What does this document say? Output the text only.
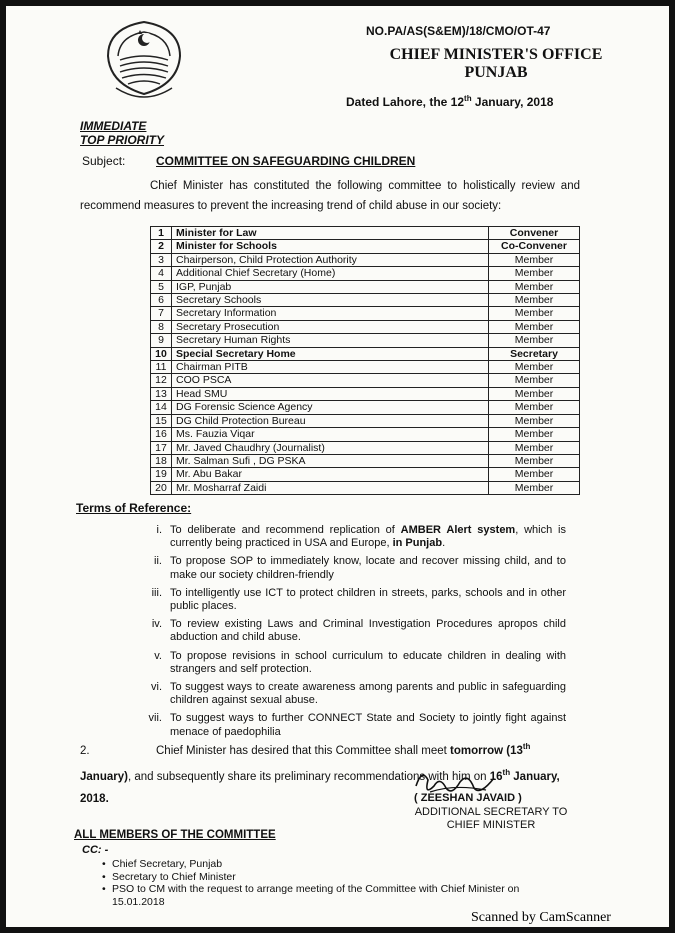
NO.PA/AS(S&EM)/18/CMO/OT-47
CHIEF MINISTER'S OFFICE
PUNJAB
Dated Lahore, the 12th January, 2018
IMMEDIATE
TOP PRIORITY
Subject:	COMMITTEE ON SAFEGUARDING CHILDREN
Chief Minister has constituted the following committee to holistically review and recommend measures to prevent the increasing trend of child abuse in our society:
1	Minister for Law	Convener
2	Minister for Schools	Co-Convener
3	Chairperson, Child Protection Authority	Member
4	Additional Chief Secretary (Home)	Member
5	IGP, Punjab	Member
6	Secretary Schools	Member
7	Secretary Information	Member
8	Secretary Prosecution	Member
9	Secretary Human Rights	Member
10	Special Secretary Home	Secretary
11	Chairman PITB	Member
12	COO PSCA	Member
13	Head SMU	Member
14	DG Forensic Science Agency	Member
15	DG Child Protection Bureau	Member
16	Ms. Fauzia Viqar	Member
17	Mr. Javed Chaudhry (Journalist)	Member
18	Mr. Salman Sufi , DG PSKA	Member
19	Mr. Abu Bakar	Member
20	Mr. Mosharraf Zaidi	Member
Terms of Reference:
i. To deliberate and recommend replication of AMBER Alert system, which is currently being practiced in USA and Europe, in Punjab.
ii. To propose SOP to immediately know, locate and recover missing child, and to make our society children-friendly
iii. To intelligently use ICT to protect children in streets, parks, schools and in other public places.
iv. To review existing Laws and Criminal Investigation Procedures apropos child abduction and child abuse.
v. To propose revisions in school curriculum to educate children in dealing with strangers and self protection.
vi. To suggest ways to create awareness among parents and public in safeguarding children against sexual abuse.
vii. To suggest ways to further CONNECT State and Society to jointly fight against menace of paedophilia
2.	Chief Minister has desired that this Committee shall meet tomorrow (13th January), and subsequently share its preliminary recommendations with him on 16th January, 2018.	( ZEESHAN JAVAID )
ADDITIONAL SECRETARY TO
CHIEF MINISTER
ALL MEMBERS OF THE COMMITTEE
CC: -
• Chief Secretary, Punjab
• Secretary to Chief Minister
• PSO to CM with the request to arrange meeting of the Committee with Chief Minister on 15.01.2018
Scanned by CamScanner
